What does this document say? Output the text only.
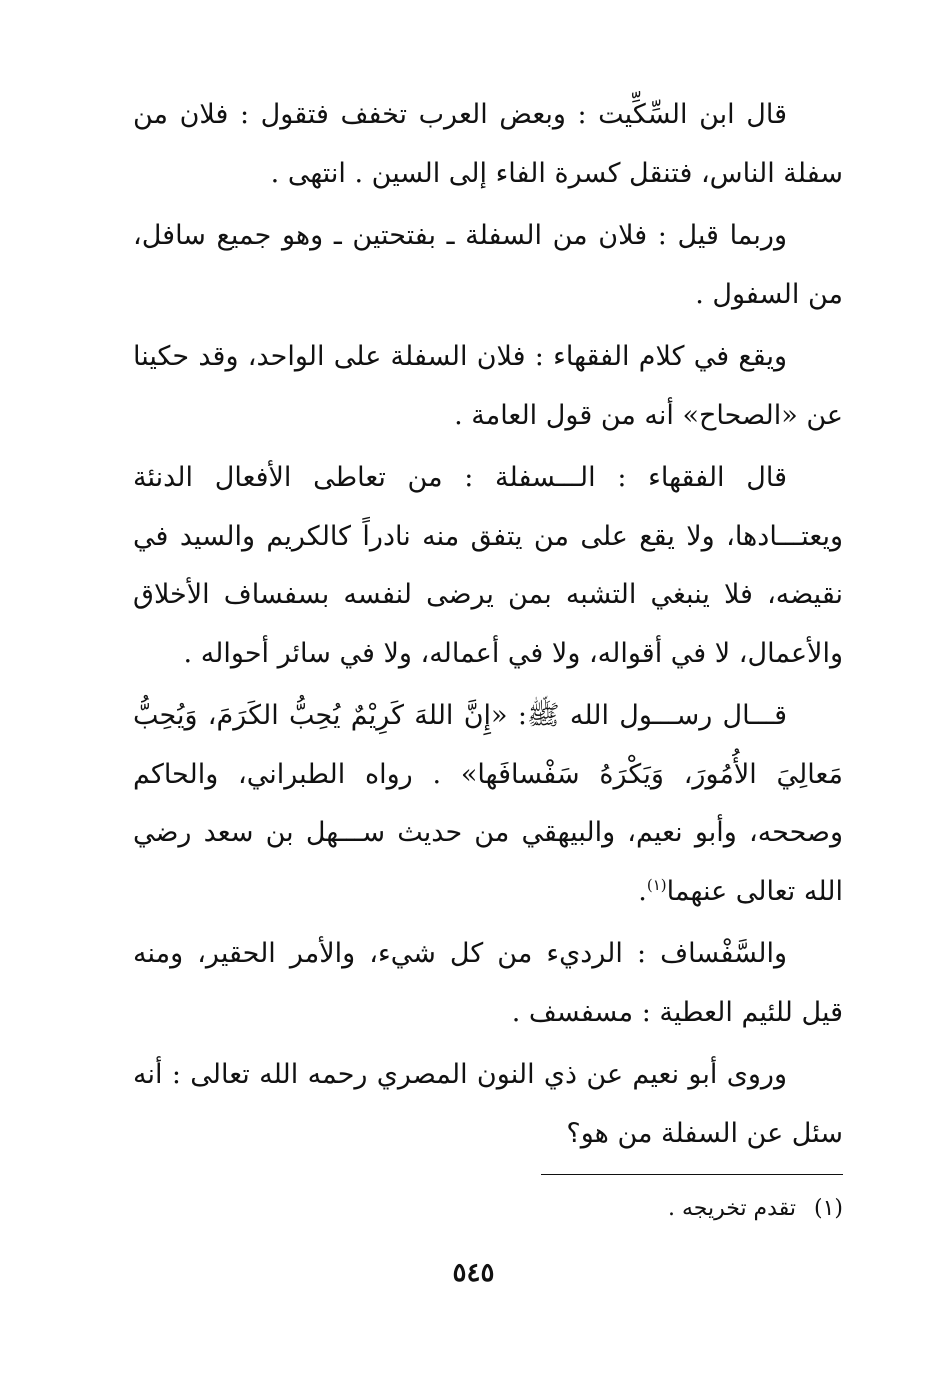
قال ابن السِّكِّيت : وبعض العرب تخفف فتقول : فلان من سفلة الناس، فتنقل كسرة الفاء إلى السين . انتهى .

وربما قيل : فلان من السفلة ـ بفتحتين ـ وهو جميع سافل، من السفول .

ويقع في كلام الفقهاء : فلان السفلة على الواحد، وقد حكينا عن «الصحاح» أنه من قول العامة .

قال الفقهاء : الـــسفلة : من تعاطى الأفعال الدنئة ويعتـــادها، ولا يقع على من يتفق منه نادراً كالكريم والسيد في نقيضه، فلا ينبغي التشبه بمن يرضى لنفسه بسفساف الأخلاق والأعمال، لا في أقواله، ولا في أعماله، ولا في سائر أحواله .

قـــال رســـول الله ﷺ: «إِنَّ اللهَ كَرِيْمٌ يُحِبُّ الكَرَمَ، وَيُحِبُّ مَعالِيَ الأُمُورَ، وَيَكْرَهُ سَفْسافَها» . رواه الطبراني، والحاكم وصححه، وأبو نعيم، والبيهقي من حديث ســـهل بن سعد رضي الله تعالى عنهما$^{(١)}$.

والسَّفْساف : الرديء من كل شيء، والأمر الحقير، ومنه قيل للئيم العطية : مسفسف .

وروى أبو نعيم عن ذي النون المصري رحمه الله تعالى : أنه سئل عن السفلة من هو؟

(١)تقدم تخريجه .
٥٤٥
